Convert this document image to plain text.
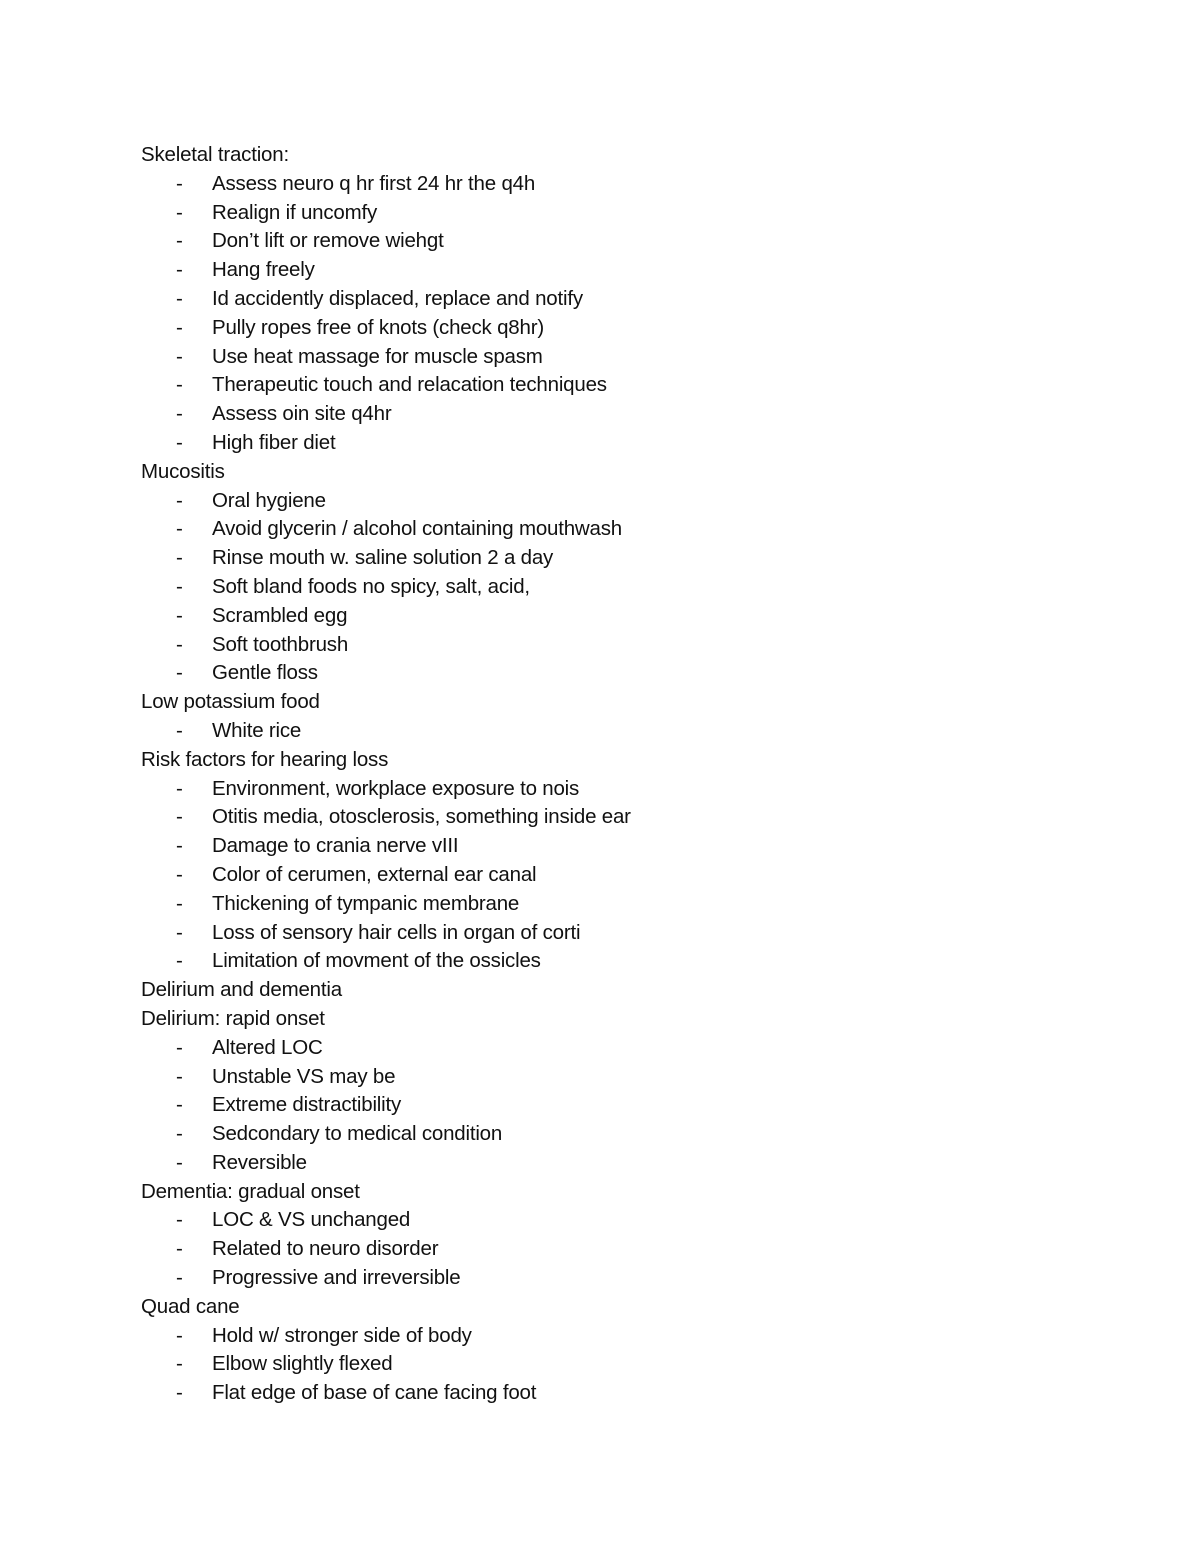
Skeletal traction:
- Assess neuro q hr first 24 hr the q4h
- Realign if uncomfy
- Don’t lift or remove wiehgt
- Hang freely
- Id accidently displaced, replace and notify
- Pully ropes free of knots (check q8hr)
- Use heat massage for muscle spasm
- Therapeutic touch and relacation techniques
- Assess oin site q4hr
- High fiber diet
Mucositis
- Oral hygiene
- Avoid glycerin / alcohol containing mouthwash
- Rinse mouth w. saline solution 2 a day
- Soft bland foods no spicy, salt, acid,
- Scrambled egg
- Soft toothbrush
- Gentle floss
Low potassium food
- White rice
Risk factors for hearing loss
- Environment, workplace exposure to nois
- Otitis media, otosclerosis, something inside ear
- Damage to crania nerve vIII
- Color of cerumen, external ear canal
- Thickening of tympanic membrane
- Loss of sensory hair cells in organ of corti
- Limitation of movment of the ossicles
Delirium and dementia
Delirium: rapid onset
- Altered LOC
- Unstable VS may be
- Extreme distractibility
- Sedcondary to medical condition
- Reversible
Dementia: gradual onset
- LOC & VS unchanged
- Related to neuro disorder
- Progressive and irreversible
Quad cane
- Hold w/ stronger side of body
- Elbow slightly flexed
- Flat edge of base of cane facing foot
